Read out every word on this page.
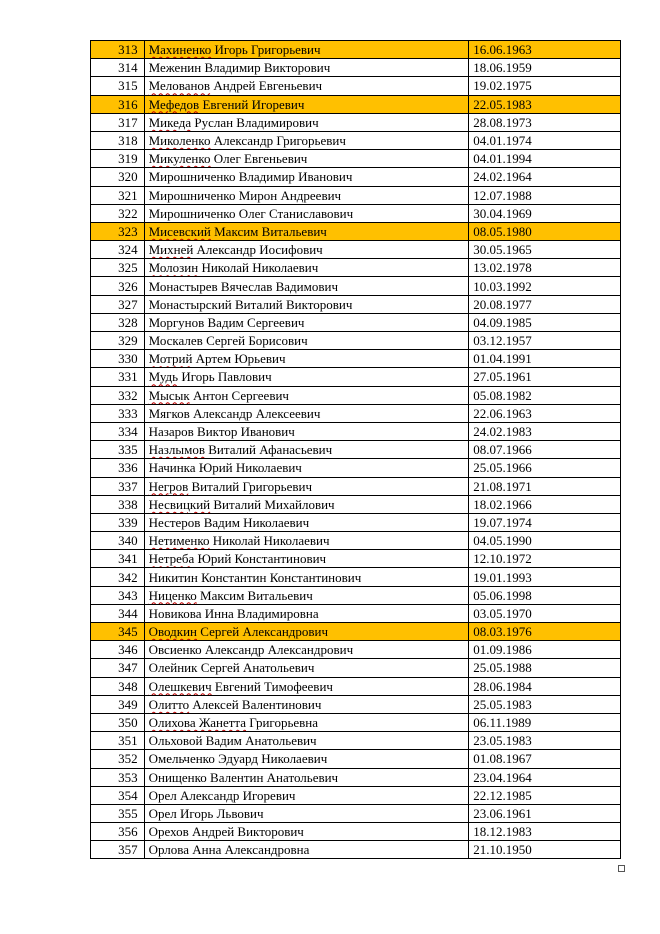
313	Махиненко Игорь Григорьевич	16.06.1963
314	Меженин Владимир Викторович	18.06.1959
315	Мелованов Андрей Евгеньевич	19.02.1975
316	Мефедов Евгений Игоревич	22.05.1983
317	Микеда Руслан Владимирович	28.08.1973
318	Миколенко Александр Григорьевич	04.01.1974
319	Микуленко Олег Евгеньевич	04.01.1994
320	Мирошниченко Владимир Иванович	24.02.1964
321	Мирошниченко Мирон Андреевич	12.07.1988
322	Мирошниченко Олег Станиславович	30.04.1969
323	Мисевский Максим Витальевич	08.05.1980
324	Михней Александр Иосифович	30.05.1965
325	Молозин Николай Николаевич	13.02.1978
326	Монастырев Вячеслав Вадимович	10.03.1992
327	Монастырский Виталий Викторович	20.08.1977
328	Моргунов Вадим Сергеевич	04.09.1985
329	Москалев Сергей Борисович	03.12.1957
330	Мотрий Артем Юрьевич	01.04.1991
331	Мудь Игорь Павлович	27.05.1961
332	Мысык Антон Сергеевич	05.08.1982
333	Мягков Александр Алексеевич	22.06.1963
334	Назаров Виктор Иванович	24.02.1983
335	Назлымов Виталий Афанасьевич	08.07.1966
336	Начинка Юрий Николаевич	25.05.1966
337	Негров Виталий Григорьевич	21.08.1971
338	Несвицкий Виталий Михайлович	18.02.1966
339	Нестеров Вадим Николаевич	19.07.1974
340	Нетименко Николай Николаевич	04.05.1990
341	Нетреба Юрий Константинович	12.10.1972
342	Никитин Константин Константинович	19.01.1993
343	Ниценко Максим Витальевич	05.06.1998
344	Новикова Инна Владимировна	03.05.1970
345	Оводкин Сергей Александрович	08.03.1976
346	Овсиенко Александр Александрович	01.09.1986
347	Олейник Сергей Анатольевич	25.05.1988
348	Олешкевич Евгений Тимофеевич	28.06.1984
349	Олитто Алексей Валентинович	25.05.1983
350	Олихова Жанетта Григорьевна	06.11.1989
351	Ольховой Вадим Анатольевич	23.05.1983
352	Омельченко Эдуард Николаевич	01.08.1967
353	Онищенко Валентин Анатольевич	23.04.1964
354	Орел Александр Игоревич	22.12.1985
355	Орел Игорь Львович	23.06.1961
356	Орехов Андрей Викторович	18.12.1983
357	Орлова Анна Александровна	21.10.1950
